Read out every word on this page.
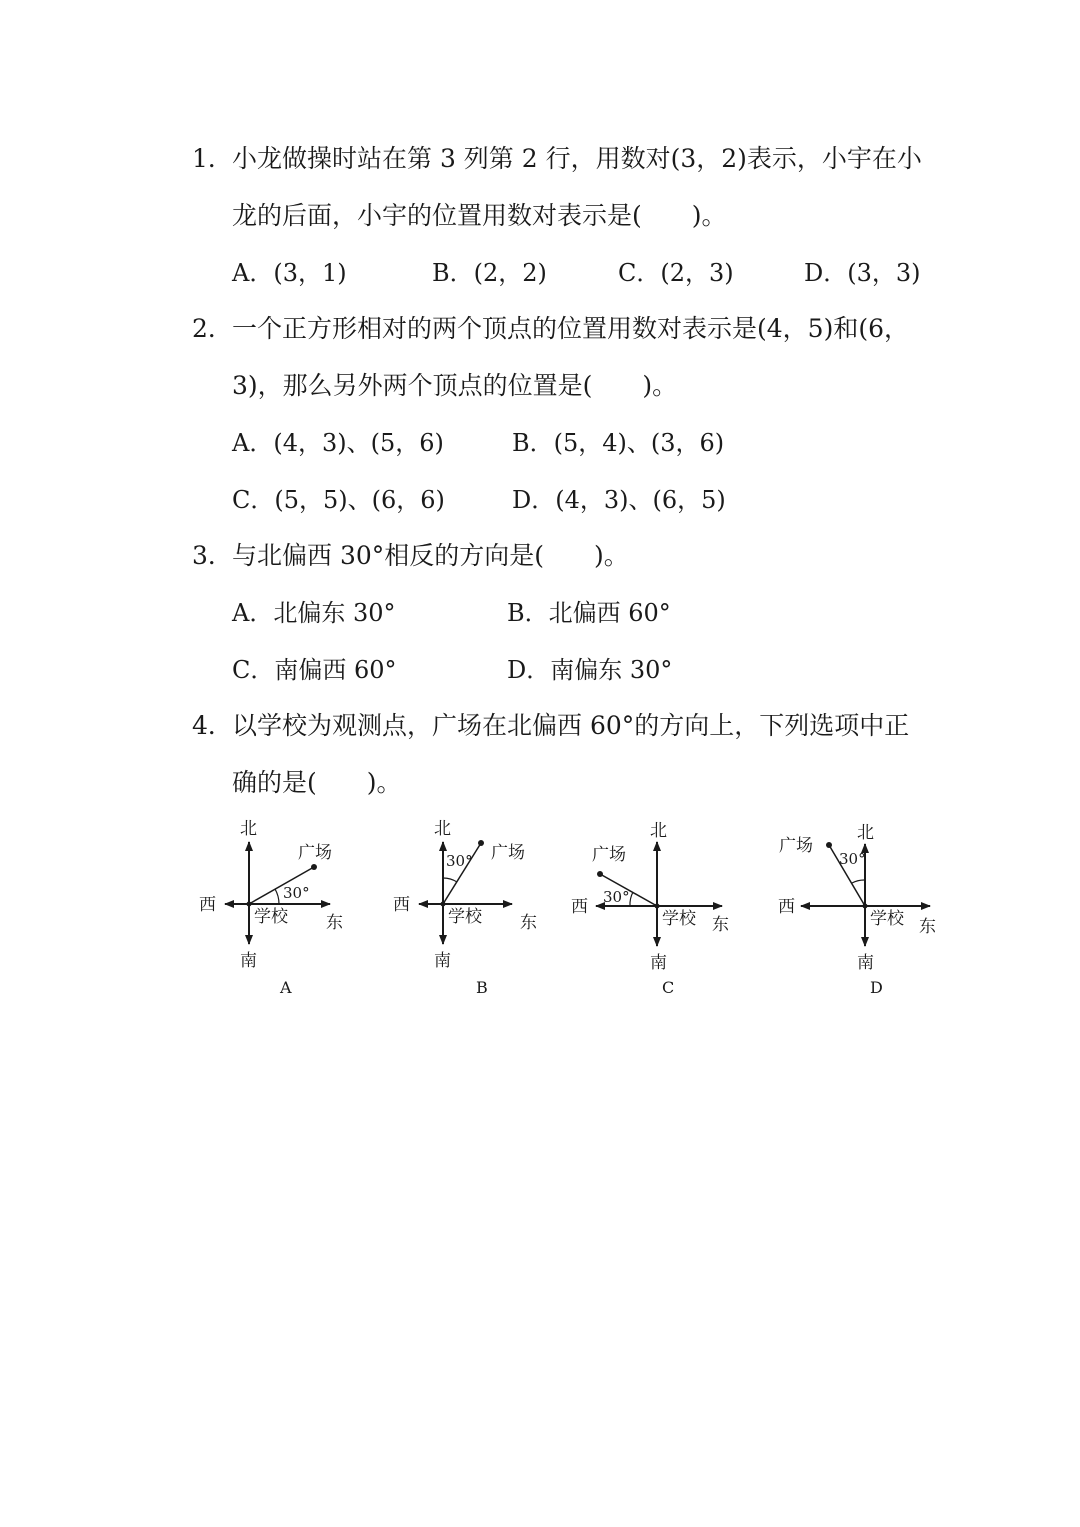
1． 小龙做操时站在第 3 列第 2 行，用数对(3，2)表示，小宇在小
龙的后面，小宇的位置用数对表示是(　　)。
A．(3，1)	B．(2，2)	C．(2，3)	D．(3，3)
2． 一个正方形相对的两个顶点的位置用数对表示是(4，5)和(6，
3)，那么另外两个顶点的位置是(　　)。
A．(4，3)、(5，6)	B．(5，4)、(3，6)
C．(5，5)、(6，6)	D．(4，3)、(6，5)
3． 与北偏西 30°相反的方向是(　　)。
A．北偏东 30°	B．北偏西 60°
C．南偏西 60°	D．南偏东 30°
4． 以学校为观测点，广场在北偏西 60°的方向上，下列选项中正
确的是(　　)。
北
南
东
西
学校
广场
30°
A
北
南
东
西
学校
广场
30°
B
北
南
东
西
学校
广场
30°
C
北
南
东
西
学校
广场
30°
D
